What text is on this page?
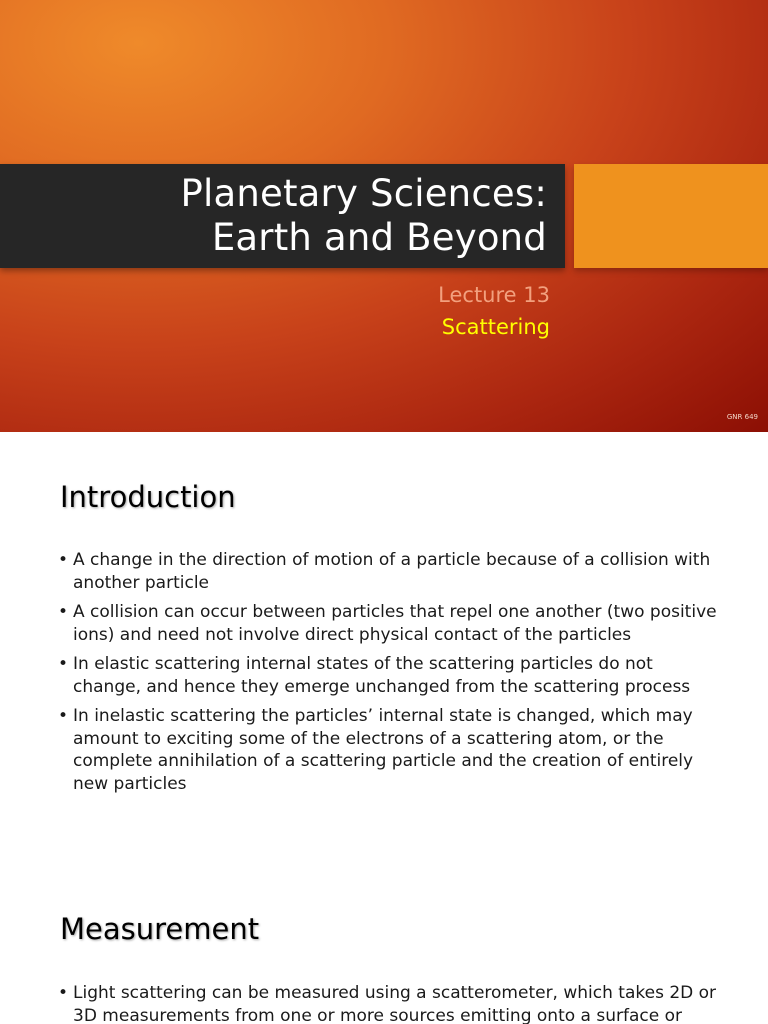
Planetary Sciences:
Earth and Beyond
Lecture 13
Scattering
GNR 649
Introduction
• A change in the direction of motion of a particle because of a collision with another particle
• A collision can occur between particles that repel one another (two positive ions) and need not involve direct physical contact of the particles
• In elastic scattering internal states of the scattering particles do not change, and hence they emerge unchanged from the scattering process
• In inelastic scattering the particles’ internal state is changed, which may amount to exciting some of the electrons of a scattering atom, or the complete annihilation of a scattering particle and the creation of entirely new particles
Measurement
• Light scattering can be measured using a scatterometer, which takes 2D or 3D measurements from one or more sources emitting onto a surface or
